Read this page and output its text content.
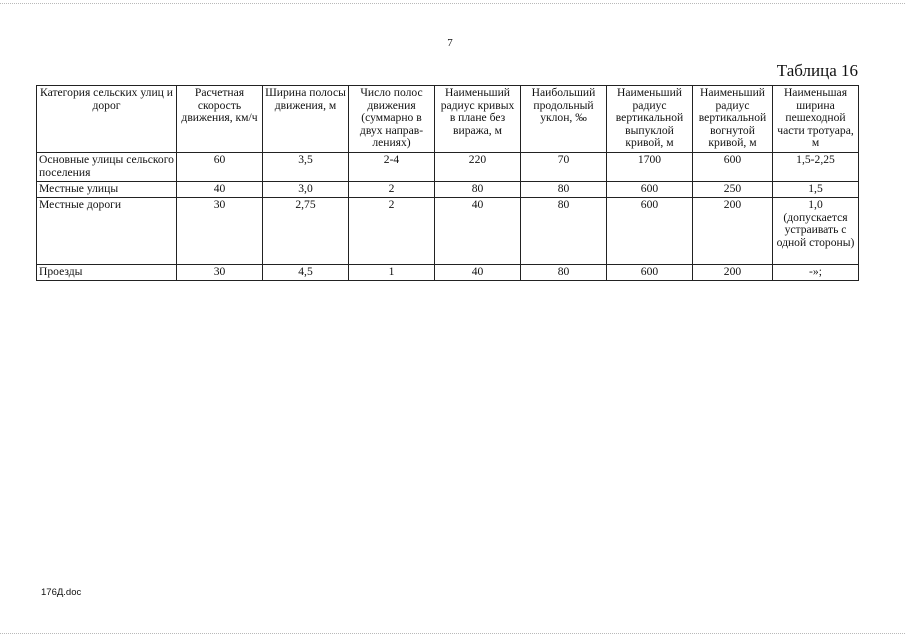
7
Таблица 16
Категория сельских улиц и дорог	Расчетная скорость движения, км/ч	Ширина полосы движения, м	Число полос движения (суммарно в двух направ-лениях)	Наименьший радиус кривых в плане без виража, м	Наибольший продольный уклон, ‰	Наименьший радиус вертикальной выпуклой кривой, м	Наименьший радиус вертикальной вогнутой кривой, м	Наименьшая ширина пешеходной части тротуара, м
Основные улицы сельского поселения	60	3,5	2-4	220	70	1700	600	1,5-2,25
Местные улицы	40	3,0	2	80	80	600	250	1,5
Местные дороги	30	2,75	2	40	80	600	200	1,0 (допускается устраивать с одной стороны)
Проезды	30	4,5	1	40	80	600	200	-»;
176Д.doc
